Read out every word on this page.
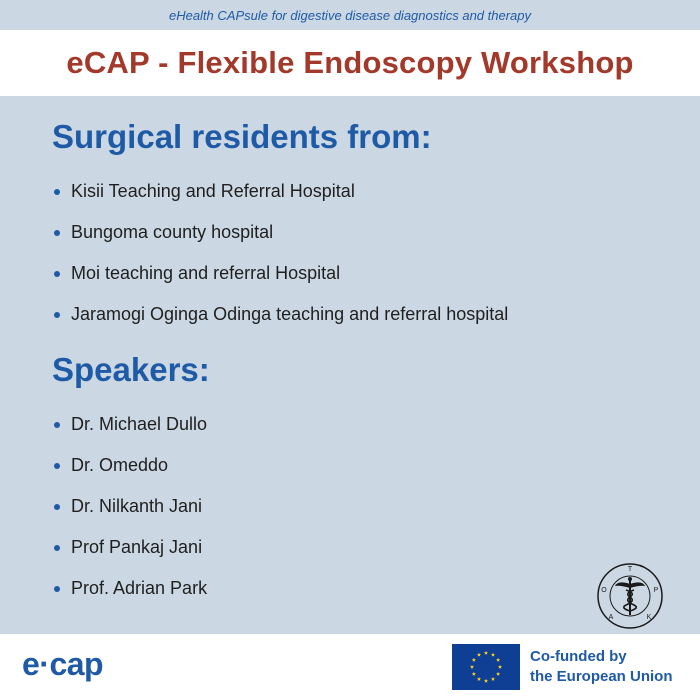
eHealth CAPsule for digestive disease diagnostics and therapy
eCAP - Flexible Endoscopy Workshop
Surgical residents from:
Kisii Teaching and Referral Hospital
Bungoma county hospital
Moi teaching and referral Hospital
Jaramogi Oginga Odinga teaching and referral hospital
Speakers:
Dr. Michael Dullo
Dr. Omeddo
Dr. Nilkanth Jani
Prof Pankaj Jani
Prof. Adrian Park
T
O	P
A	K
e·cap	Co-funded by
the European Union
